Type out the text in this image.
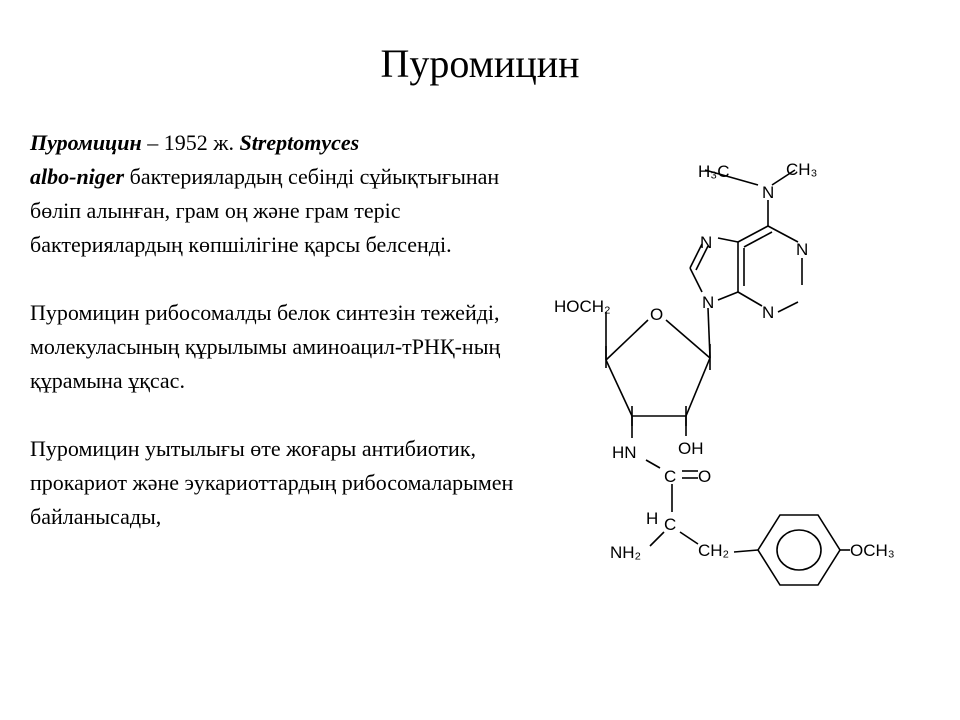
Пуромицин

Пуромицин – 1952 ж. Streptomyces
albo-niger бактериялардың себінді сұйықтығынан бөліп алынған, грам оң және грам теріс бактериялардың көпшілігіне қарсы белсенді.

Пуромицин рибосомалды белок синтезін тежейді, молекуласының құрылымы аминоацил-тРНҚ-ның құрамына ұқсас.

Пуромицин уытылығы өте жоғары антибиотик, прокариот және эукариоттардың рибосомаларымен байланысады,

H₃C	CH₃
N
N	N
N
N
O
HOCH₂
HN OH
C O
H C
NH₂	CH₂	OCH₃
